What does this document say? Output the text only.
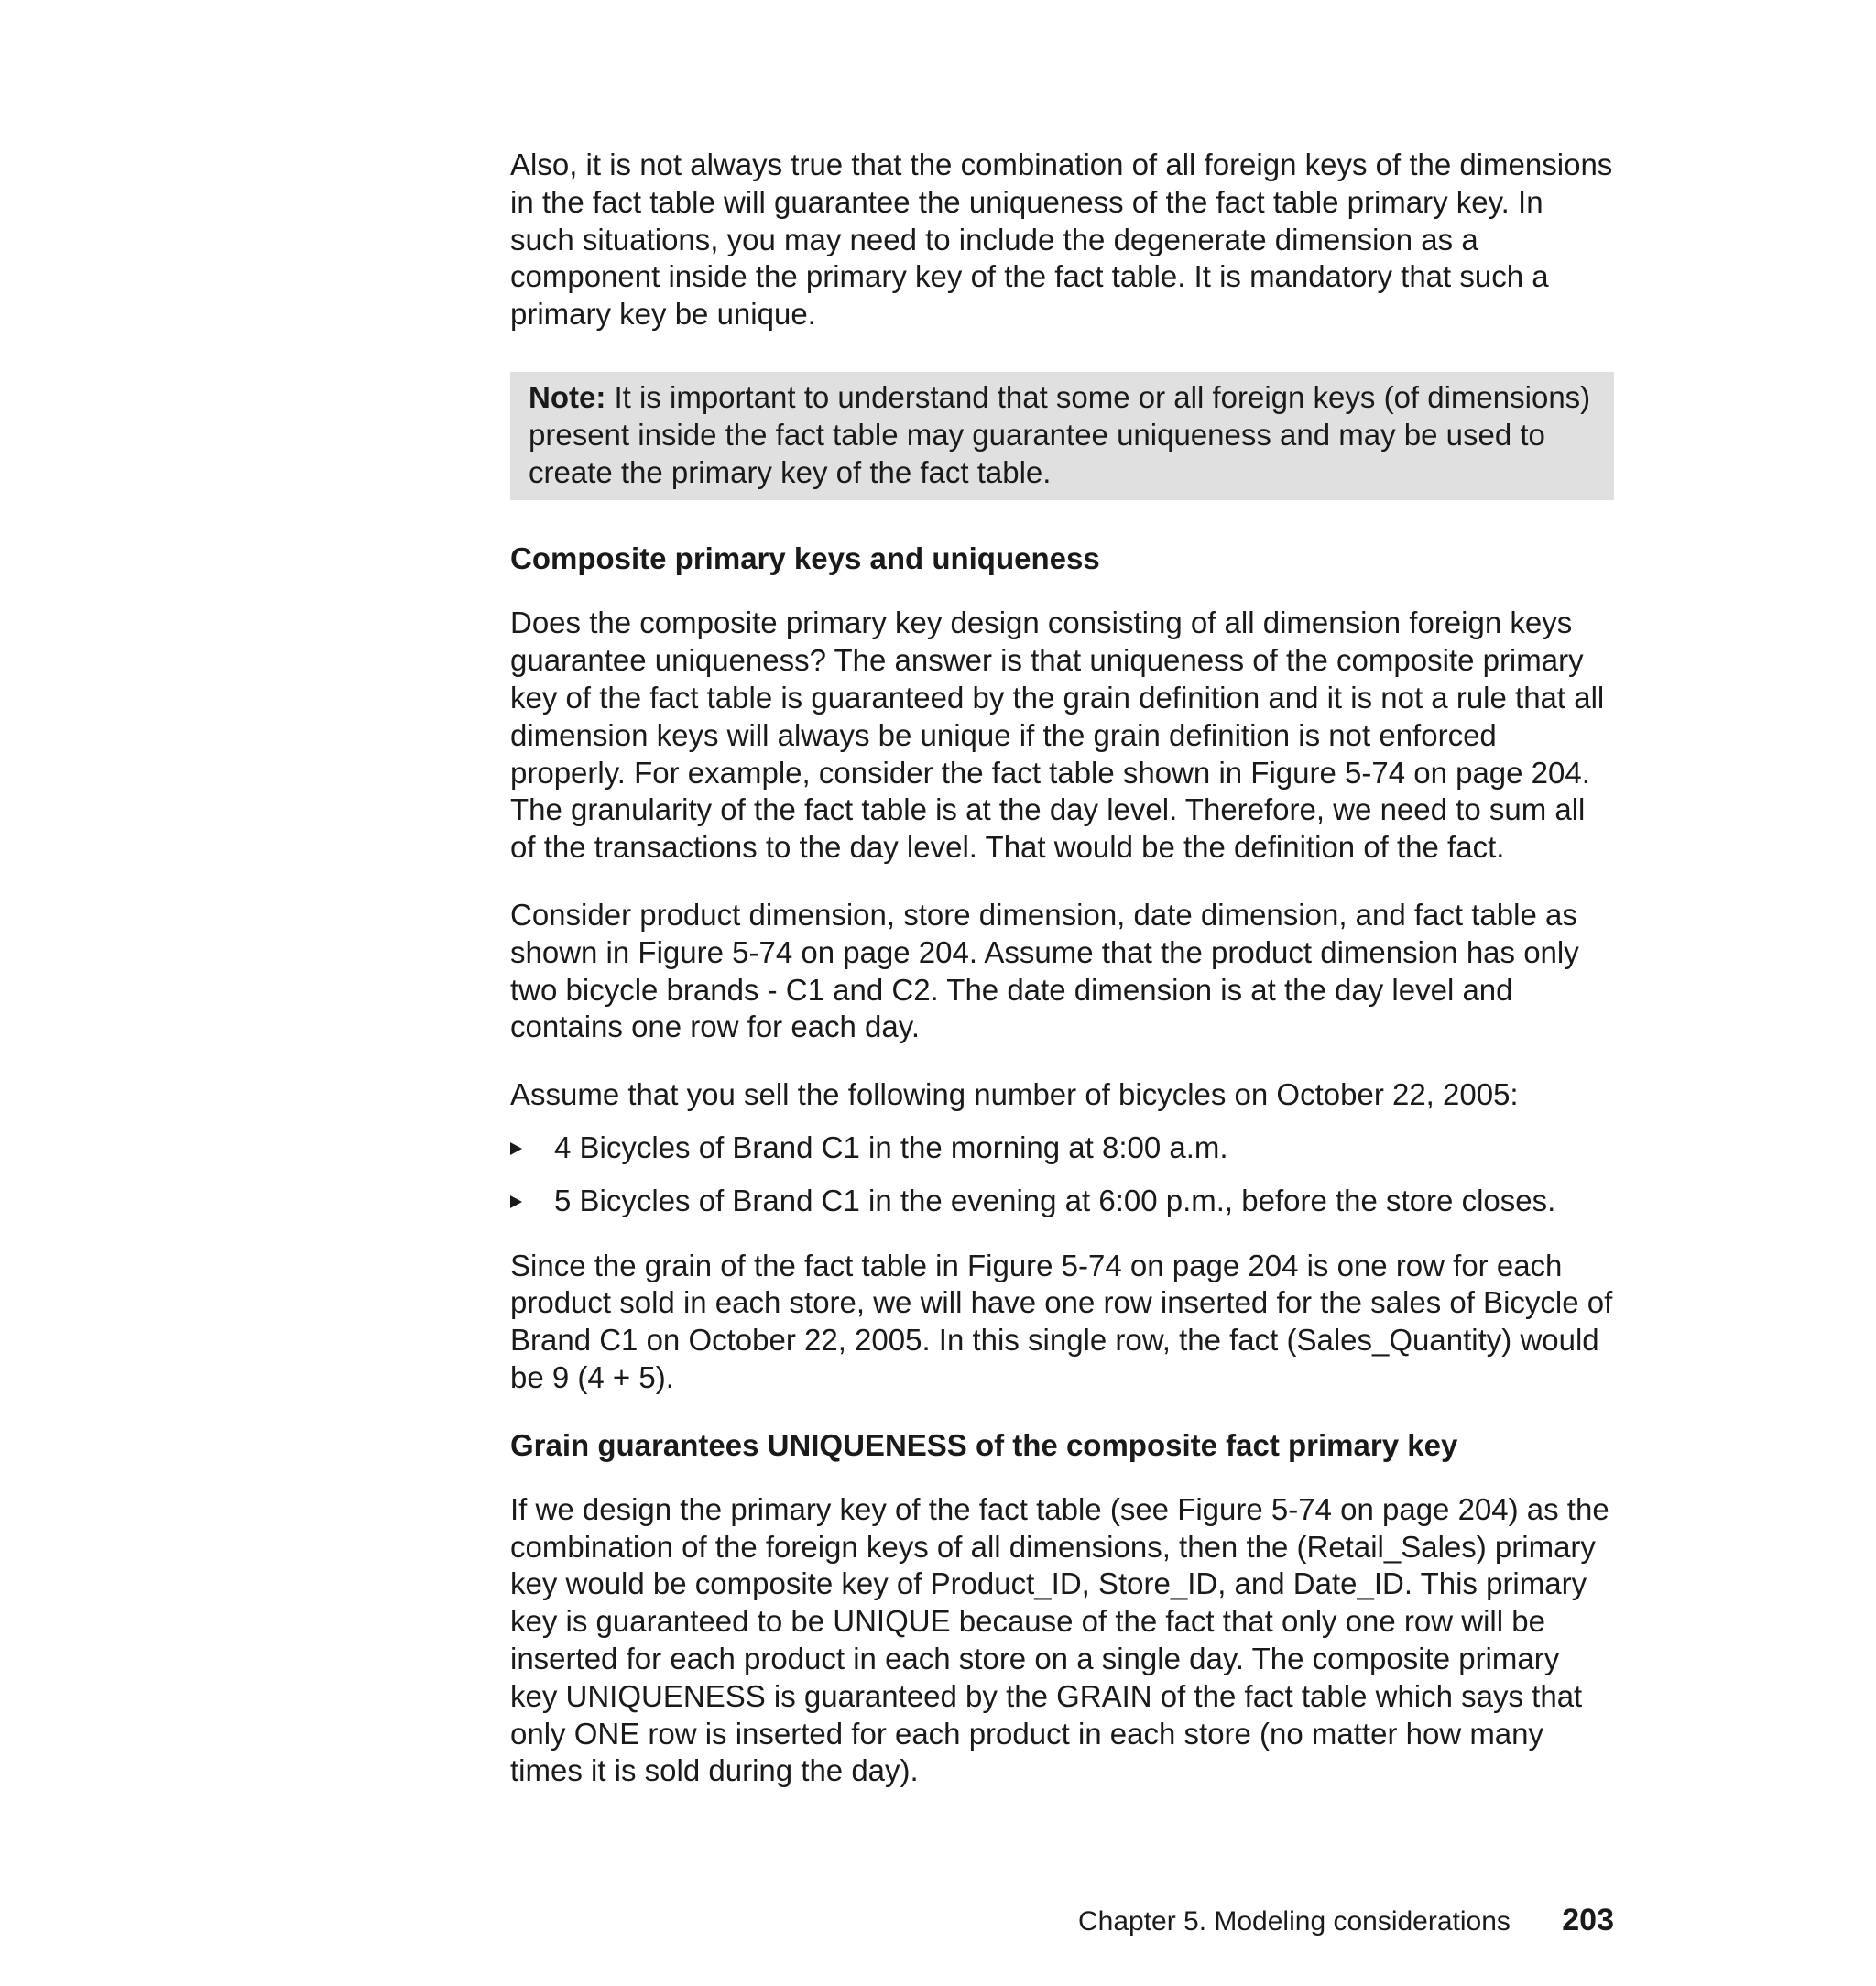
Also, it is not always true that the combination of all foreign keys of the dimensions in the fact table will guarantee the uniqueness of the fact table primary key. In such situations, you may need to include the degenerate dimension as a component inside the primary key of the fact table. It is mandatory that such a primary key be unique.

Note: It is important to understand that some or all foreign keys (of dimensions) present inside the fact table may guarantee uniqueness and may be used to create the primary key of the fact table.
Composite primary keys and uniqueness

Does the composite primary key design consisting of all dimension foreign keys guarantee uniqueness? The answer is that uniqueness of the composite primary key of the fact table is guaranteed by the grain definition and it is not a rule that all dimension keys will always be unique if the grain definition is not enforced properly. For example, consider the fact table shown in Figure 5-74 on page 204. The granularity of the fact table is at the day level. Therefore, we need to sum all of the transactions to the day level. That would be the definition of the fact.

Consider product dimension, store dimension, date dimension, and fact table as shown in Figure 5-74 on page 204. Assume that the product dimension has only two bicycle brands - C1 and C2. The date dimension is at the day level and contains one row for each day.

Assume that you sell the following number of bicycles on October 22, 2005:

4 Bicycles of Brand C1 in the morning at 8:00 a.m.
5 Bicycles of Brand C1 in the evening at 6:00 p.m., before the store closes.

Since the grain of the fact table in Figure 5-74 on page 204 is one row for each product sold in each store, we will have one row inserted for the sales of Bicycle of Brand C1 on October 22, 2005. In this single row, the fact (Sales_Quantity) would be 9 (4 + 5).

Grain guarantees UNIQUENESS of the composite fact primary key

If we design the primary key of the fact table (see Figure 5-74 on page 204) as the combination of the foreign keys of all dimensions, then the (Retail_Sales) primary key would be composite key of Product_ID, Store_ID, and Date_ID. This primary key is guaranteed to be UNIQUE because of the fact that only one row will be inserted for each product in each store on a single day. The composite primary key UNIQUENESS is guaranteed by the GRAIN of the fact table which says that only ONE row is inserted for each product in each store (no matter how many times it is sold during the day).

Chapter 5. Modeling considerations 203
